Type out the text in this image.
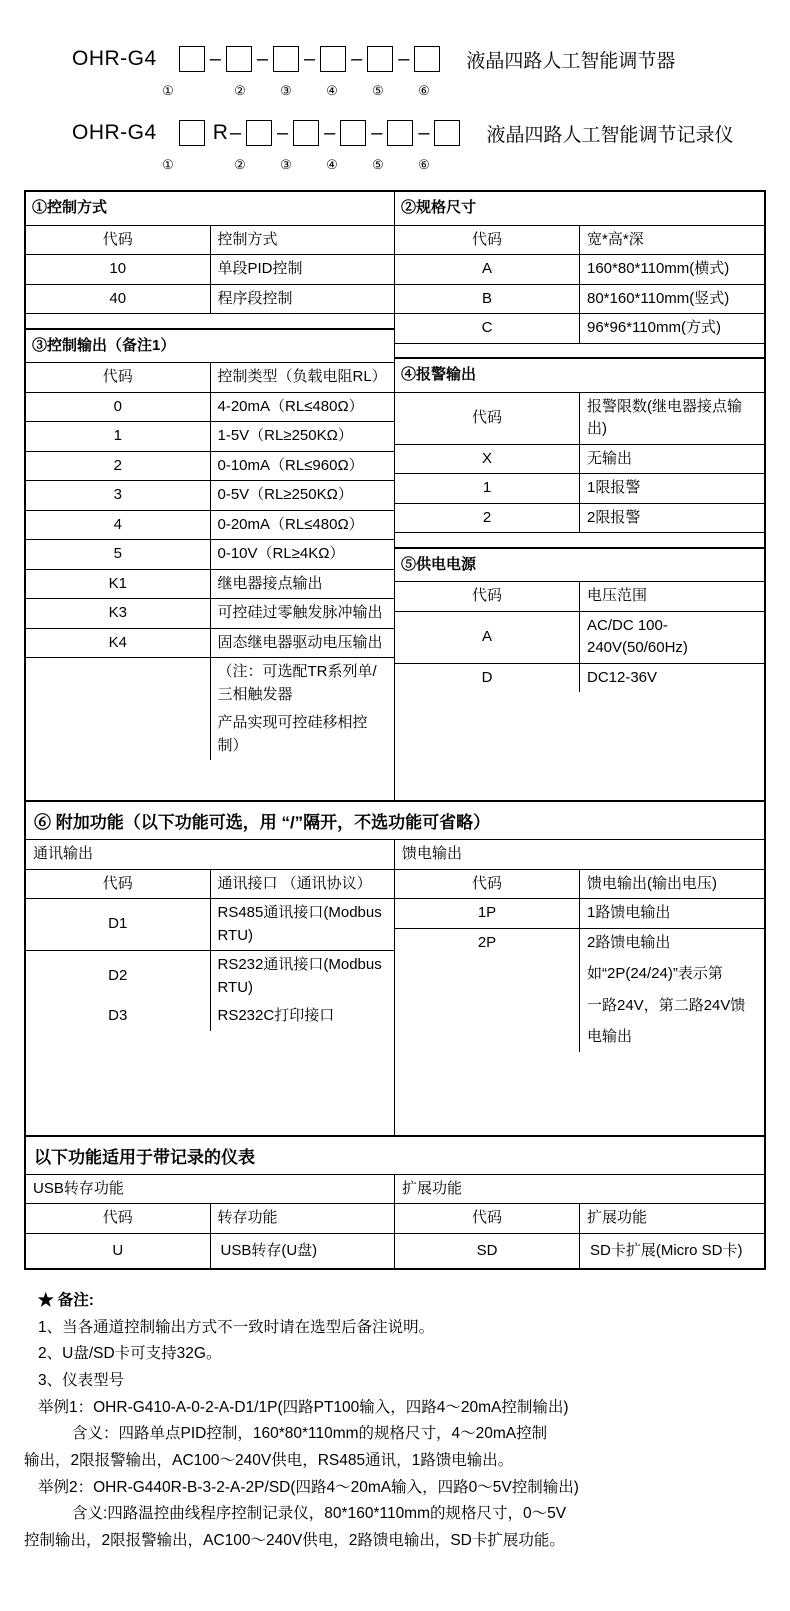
OHR-G4	– – – – –	液晶四路人工智能调节器
①	②	③	④	⑤	⑥
OHR-G4	R – – – – –	液晶四路人工智能调节记录仪
①	②	③	④	⑤	⑥
①控制方式	
代码	控制方式
10	单段PID控制
40	程序段控制

③控制输出（备注1）	
代码	控制类型（负载电阻RL）
0	4-20mA（RL≤480Ω）
1	1-5V（RL≥250KΩ）
2	0-10mA（RL≤960Ω）
3	0-5V（RL≥250KΩ）
4	0-20mA（RL≤480Ω）
5	0-10V（RL≥4KΩ）
K1	继电器接点输出
K3	可控硅过零触发脉冲输出
K4	固态继电器驱动电压输出
	（注：可选配TR系列单/三相触发器
	产品实现可控硅移相控制）
②规格尺寸	
代码	宽*高*深
A	160*80*110mm(横式)
B	80*160*110mm(竖式)
C	96*96*110mm(方式)

④报警输出	
代码	报警限数(继电器接点输出)
X	无输出
1	1限报警
2	2限报警

⑤供电电源	
代码	电压范围
A	AC/DC 100-240V(50/60Hz)
D	DC12-36V

⑥ 附加功能（以下功能可选，用 “/”隔开，不选功能可省略）
通讯输出	
代码	通讯接口 （通讯协议）
D1	RS485通讯接口(Modbus RTU)
D2	RS232通讯接口(Modbus RTU)
D3	RS232C打印接口

馈电输出	
代码	馈电输出(输出电压)
1P	1路馈电输出
2P	2路馈电输出
	如“2P(24/24)”表示第
	一路24V，第二路24V馈
	电输出
以下功能适用于带记录的仪表
USB转存功能	
代码	转存功能
U	USB转存(U盘)
扩展功能	
代码	扩展功能
SD	SD卡扩展(Micro SD卡)
★ 备注:
1、当各通道控制输出方式不一致时请在选型后备注说明。
2、U盘/SD卡可支持32G。
3、仪表型号
举例1：OHR-G410-A-0-2-A-D1/1P(四路PT100输入，四路4～20mA控制输出)
含义：四路单点PID控制，160*80*110mm的规格尺寸，4～20mA控制
输出，2限报警输出，AC100～240V供电，RS485通讯，1路馈电输出。
举例2：OHR-G440R-B-3-2-A-2P/SD(四路4～20mA输入，四路0～5V控制输出)
含义:四路温控曲线程序控制记录仪，80*160*110mm的规格尺寸，0～5V
控制输出，2限报警输出，AC100～240V供电，2路馈电输出，SD卡扩展功能。
